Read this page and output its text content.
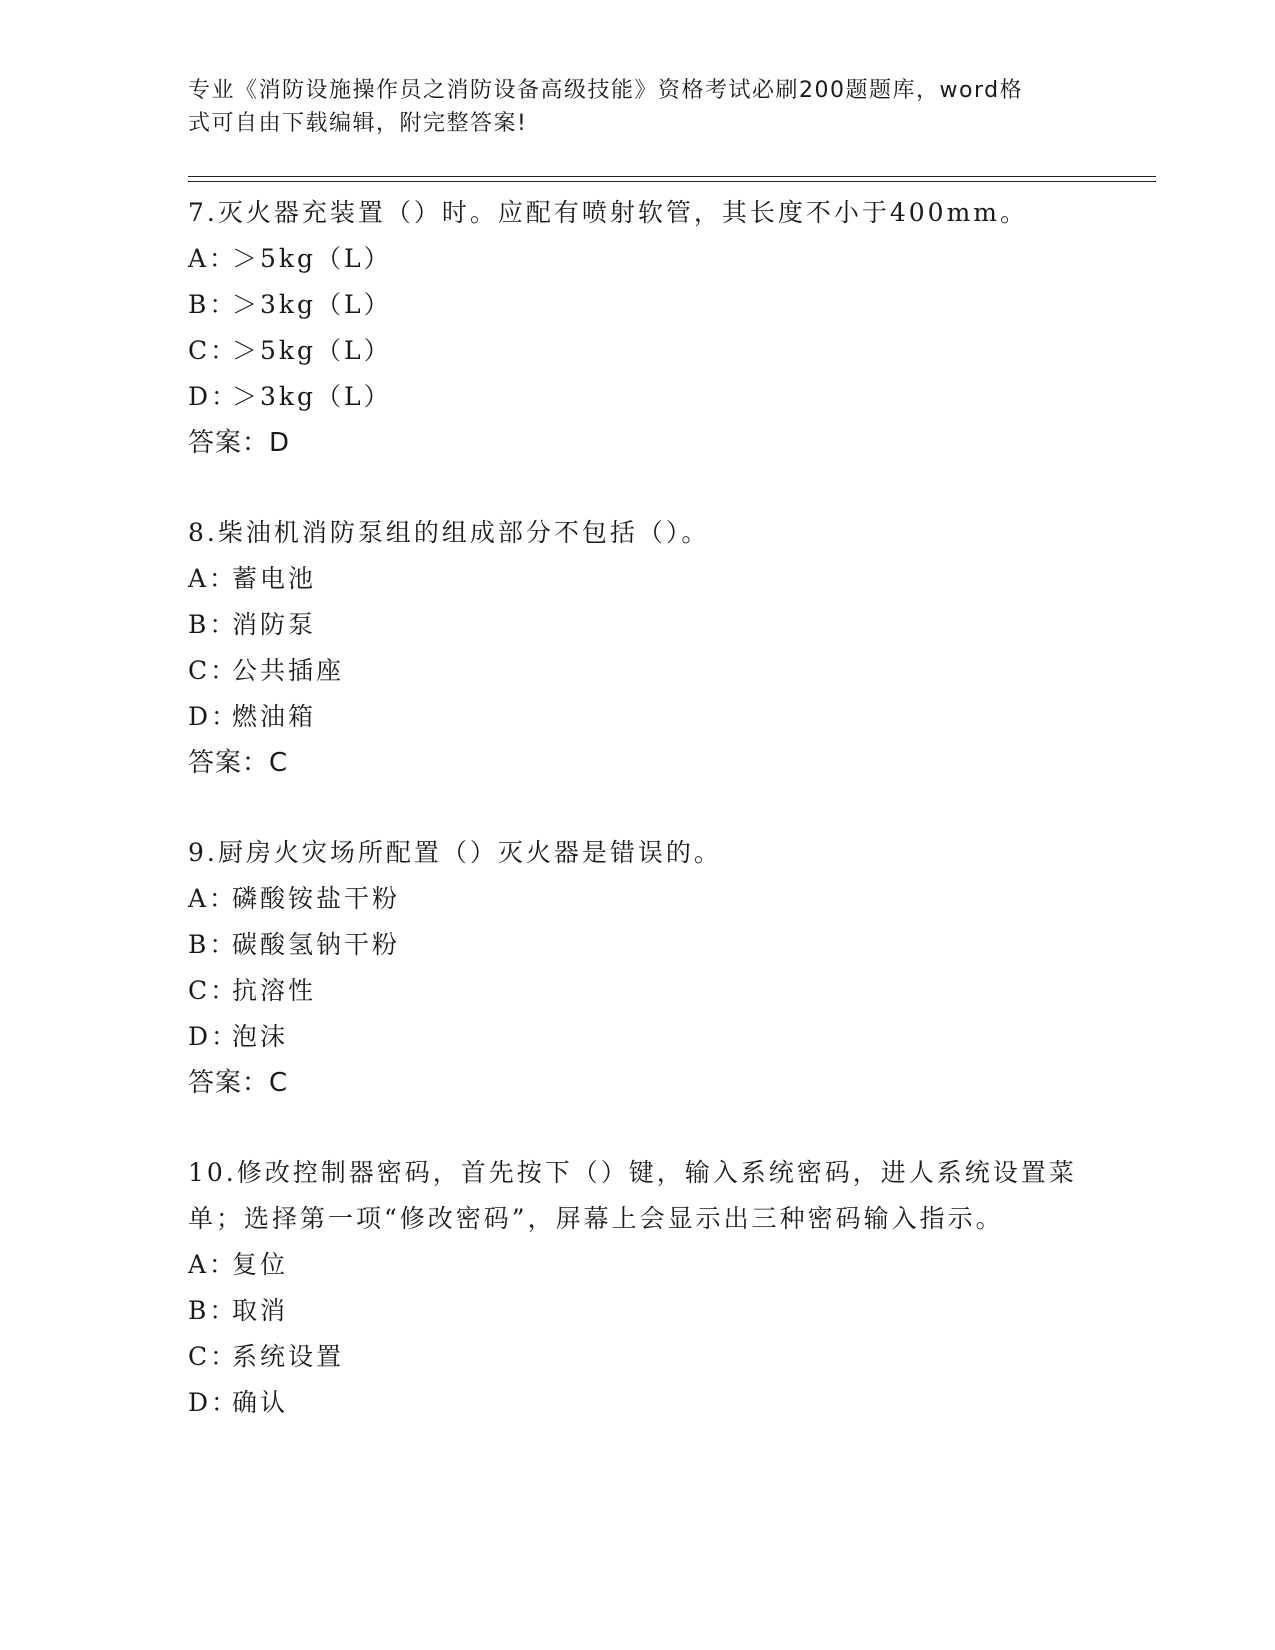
专业《消防设施操作员之消防设备高级技能》资格考试必刷200题题库，word格
式可自由下载编辑，附完整答案!

7.灭火器充装置（）时。应配有喷射软管，其长度不小于400mm。

A：＞5kg（L）
B：＞3kg（L）
C：＞5kg（L）
D：＞3kg（L）

答案：D

8.柴油机消防泵组的组成部分不包括（）。

A：蓄电池
B：消防泵
C：公共插座
D：燃油箱

答案：C

9.厨房火灾场所配置（）灭火器是错误的。

A：磷酸铵盐干粉
B：碳酸氢钠干粉
C：抗溶性
D：泡沫

答案：C

10.修改控制器密码，首先按下（）键，输入系统密码，进人系统设置菜单；选择第一项“修改密码”，屏幕上会显示出三种密码输入指示。

A：复位
B：取消
C：系统设置
D：确认
